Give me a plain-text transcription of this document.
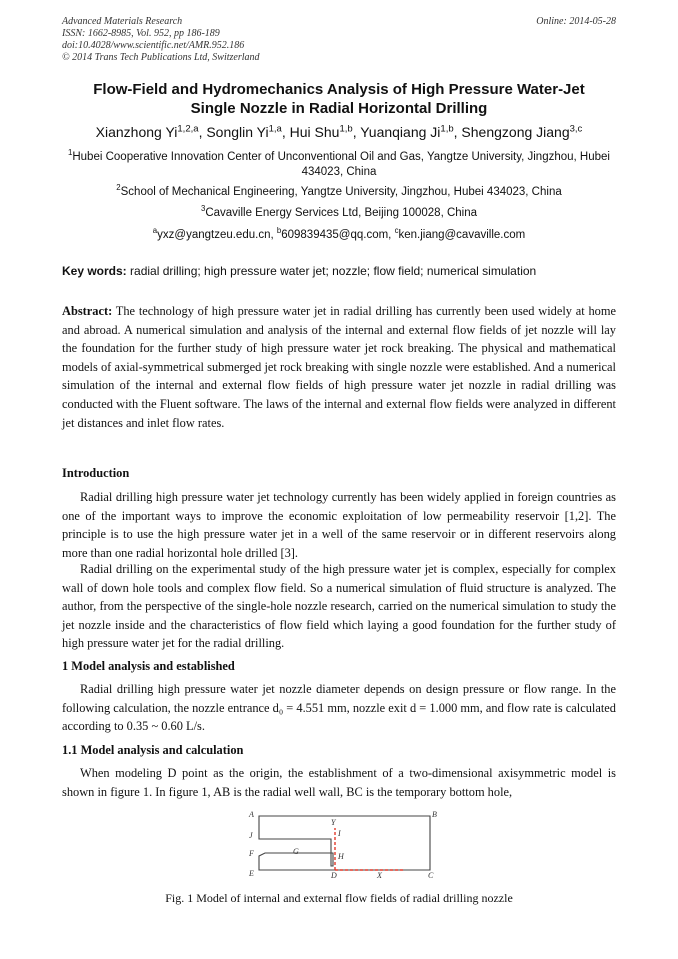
Advanced Materials Research
ISSN: 1662-8985, Vol. 952, pp 186-189
doi:10.4028/www.scientific.net/AMR.952.186
© 2014 Trans Tech Publications Ltd, Switzerland
Online: 2014-05-28
Flow-Field and Hydromechanics Analysis of High Pressure Water-Jet
Single Nozzle in Radial Horizontal Drilling
Xianzhong Yi$^{1,2,a}$, Songlin Yi$^{1,a}$, Hui Shu$^{1,b}$, Yuanqiang Ji$^{1,b}$, Shengzong Jiang$^{3,c}$
$^1$Hubei Cooperative Innovation Center of Unconventional Oil and Gas, Yangtze University, Jingzhou, Hubei 434023, China
$^2$School of Mechanical Engineering, Yangtze University, Jingzhou, Hubei 434023, China
$^3$Cavaville Energy Services Ltd, Beijing 100028, China
$^a$yxz@yangtzeu.edu.cn, $^b$609839435@qq.com, $^c$ken.jiang@cavaville.com
Key words: radial drilling; high pressure water jet; nozzle; flow field; numerical simulation
Abstract: The technology of high pressure water jet in radial drilling has currently been used widely at home and abroad. A numerical simulation and analysis of the internal and external flow fields of jet nozzle will lay the foundation for the further study of high pressure water jet rock breaking. The physical and mathematical models of axial-symmetrical submerged jet rock breaking with single nozzle were established. And a numerical simulation of the internal and external flow fields of high pressure water jet nozzle in radial drilling was conducted with the Fluent software. The laws of the internal and external flow fields were analyzed in different jet distances and inlet flow rates.
Introduction
Radial drilling high pressure water jet technology currently has been widely applied in foreign countries as one of the important ways to improve the economic exploitation of low permeability reservoir [1,2]. The principle is to use the high pressure water jet in a well of the same reservoir or in different reservoirs along more than one radial horizontal hole drilled [3].
Radial drilling on the experimental study of the high pressure water jet is complex, especially for complex wall of down hole tools and complex flow field. So a numerical simulation of fluid structure is analyzed. The author, from the perspective of the single-hole nozzle research, carried on the numerical simulation to study the jet nozzle inside and the characteristics of flow field which laying a good foundation for the further study of high pressure water jet for the radial drilling.
1 Model analysis and established
Radial drilling high pressure water jet nozzle diameter depends on design pressure or flow range. In the following calculation, the nozzle entrance d₀ = 4.551 mm, nozzle exit d = 1.000 mm, and flow rate is calculated according to 0.35 ~ 0.60 L/s.
1.1 Model analysis and calculation
When modeling D point as the origin, the establishment of a two-dimensional axisymmetric model is shown in figure 1. In figure 1, AB is the radial well wall, BC is the temporary bottom hole,
A	B
I
Y
J
F	G
H
E	D	X	C
Fig. 1 Model of internal and external flow fields of radial drilling nozzle
